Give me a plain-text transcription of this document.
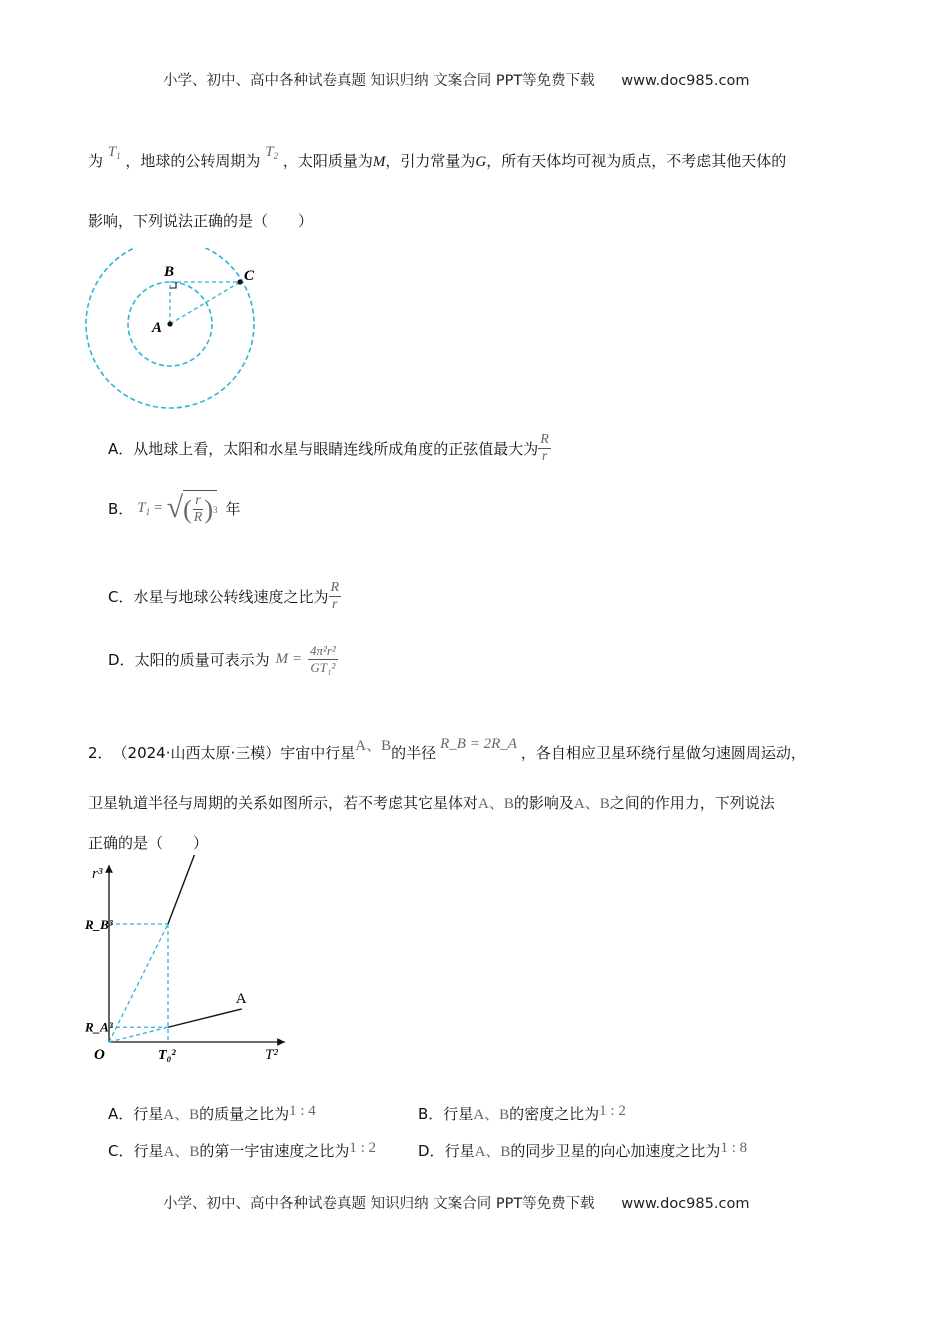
小学、初中、高中各种试卷真题 知识归纳 文案合同 PPT等免费下载 www.doc985.com
为 $T_1$ ，地球的公转周期为 $T_2$ ，太阳质量为M，引力常量为G，所有天体均可视为质点，不考虑其他天体的
影响，下列说法正确的是（　　）
B	C
A
A． 从地球上看，太阳和水星与眼睛连线所成角度的正弦值最大为 $\frac{R}{r}$
B． $T_1$ = √ ( $\frac{r}{R}$ ) 3 年
C． 水星与地球公转线速度之比为 $\frac{R}{r}$
D． 太阳的质量可表示为 $M = \frac{\text{4π²r²}}{\text{GT₁²}}$
2． （2024·山西太原·三模）宇宙中行星 A、B 的半径 R_B = 2R_A ，各自相应卫星环绕行星做匀速圆周运动，
卫星轨道半径与周期的关系如图所示，若不考虑其它星体对A、B的影响及A、B之间的作用力，下列说法
正确的是（　　）
A
r³
T²
O	T₀²
R_B³
R_A³
A．行星A、B的质量之比为1 : 4	B．行星A、B的密度之比为1 : 2
C．行星A、B的第一宇宙速度之比为1 : 2	D．行星A、B的同步卫星的向心加速度之比为1 : 8
小学、初中、高中各种试卷真题 知识归纳 文案合同 PPT等免费下载 www.doc985.com
